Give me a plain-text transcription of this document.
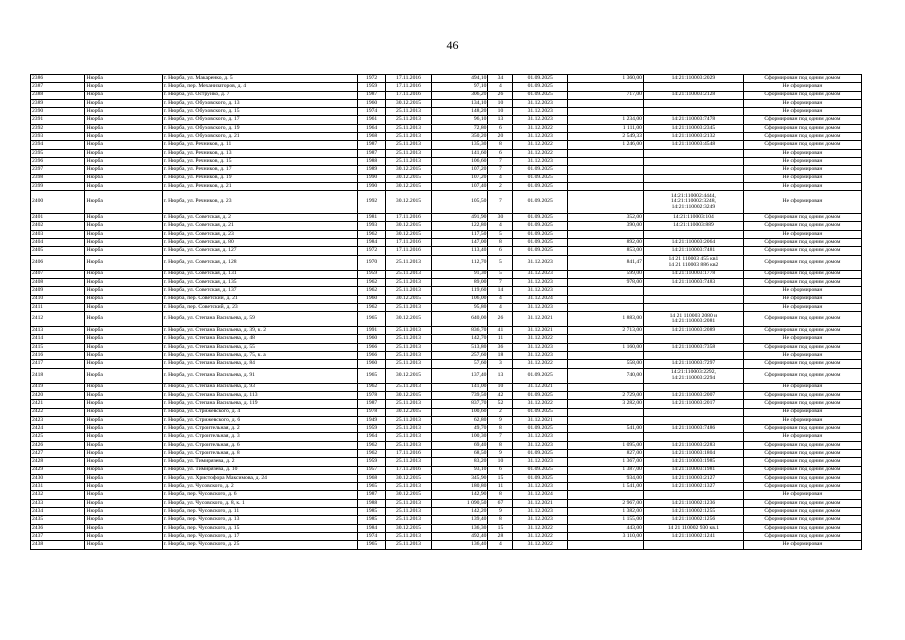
46
2386	Нюрба	г. Нюрба, ул. Макаренко, д. 5	1972	17.11.2016	494,10	34	01.09.2025	1 360,00	14:21:110003:2029	Сформирован под одним домом
2387	Нюрба	г. Нюрба, пер. Механизаторов, д. 4	1959	17.11.2016	97,10	4	01.09.2025			Не сформирован
2388	Нюрба	г. Нюрба, ул. Оструйко, д. 7	1987	17.11.2016	306,20	26	01.09.2025	717,00	14:21:110003:2128	Сформирован под одним домом
2389	Нюрба	г. Нюрба, ул. Обуховского, д. 13	1960	30.12.2015	134,10	10	31.12.2023			Не сформирован
2390	Нюрба	г. Нюрба, ул. Обуховского, д. 15	1974	25.11.2013	148,20	10	31.12.2023			Не сформирован
2391	Нюрба	г. Нюрба, ул. Обуховского, д. 17	1961	25.11.2013	96,10	13	31.12.2023	1 234,00	14:21:110003:7478	Сформирован под одним домом
2392	Нюрба	г. Нюрба, ул. Обуховского, д. 19	1964	25.11.2013	72,80	6	31.12.2022	1 111,00	14:21:110003:2345	Сформирован под одним домом
2393	Нюрба	г. Нюрба, ул. Обуховского, д. 21	1968	25.11.2013	350,20	20	31.12.2023	2 549,33	14:21:110003:2132	Сформирован под одним домом
2394	Нюрба	г. Нюрба, ул. Речников, д. 11	1987	25.11.2013	135,30	8	31.12.2022	1 246,00	14:21:110003:4548	Сформирован под одним домом
2395	Нюрба	г. Нюрба, ул. Речников, д. 13	1987	25.11.2013	141,60	6	31.12.2022			Не сформирован
2396	Нюрба	г. Нюрба, ул. Речников, д. 15	1988	25.11.2013	106,60	7	31.12.2023			Не сформирован
2397	Нюрба	г. Нюрба, ул. Речников, д. 17	1989	30.12.2015	107,20	7	01.09.2025			Не сформирован
2398	Нюрба	г. Нюрба, ул. Речников, д. 19	1990	30.12.2015	107,20	4	01.09.2025			Не сформирован
2399	Нюрба	г. Нюрба, ул. Речников, д. 21	1990	30.12.2015	107,40	2	01.09.2025			Не сформирован
2400	Нюрба	г. Нюрба, ул. Речников, д. 23	1992	30.12.2015	105,50	7	01.09.2025		14:21:110002:4444,
14:21:110002:3248,
14:21:110002:3249	Не сформирован
2401	Нюрба	г. Нюрба, ул. Советская, д. 2	1981	17.11.2016	491,90	30	01.09.2025	352,00	14:21:110003:104	Сформирован под одним домом
2402	Нюрба	г. Нюрба, ул. Советская, д. 21	1993	30.12.2015	122,80	4	01.09.2025	390,00	14:21:110003:889	Сформирован под одним домом
2403	Нюрба	г. Нюрба, ул. Советская, д. 23	1962	30.12.2015	117,50	5	01.09.2025			Не сформирован
2404	Нюрба	г. Нюрба, ул. Советская, д. 80	1984	17.11.2016	147,00	8	01.09.2025	892,00	14:21:110003:2064	Сформирован под одним домом
2405	Нюрба	г. Нюрба, ул. Советская, д. 127	1972	17.11.2016	113,40	6	01.09.2025	853,00	14:21:110003:7481	Сформирован под одним домом
2406	Нюрба	г. Нюрба, ул. Советская, д. 128	1970	25.11.2013	112,70	5	31.12.2023	841,47	14 21 110003 455 кв1
14 21 110003 886 кв2	Сформирован под одним домом
2407	Нюрба	г. Нюрба, ул. Советская, д. 131	1959	25.11.2013	91,30	5	31.12.2023	599,00	14:21:110003:1778	Сформирован под одним домом
2408	Нюрба	г. Нюрба, ул. Советская, д. 135	1962	25.11.2013	89,00	7	31.12.2023	978,00	14:21:110003:7483	Сформирован под одним домом
2409	Нюрба	г. Нюрба, ул. Советская, д. 137	1962	25.11.2013	119,60	14	31.12.2023			Не сформирован
2410	Нюрба	г. Нюрба, пер. Советский, д. 21	1960	30.12.2015	106,00	4	31.12.2024			Не сформирован
2411	Нюрба	г. Нюрба, пер. Советский, д. 23	1962	25.11.2013	95,80	4	31.12.2023			Не сформирован
2412	Нюрба	г. Нюрба, ул. Степана Васильева, д. 59	1965	30.12.2015	640,00	26	31.12.2021	1 883,00	14 21 110003 2080 и
14:21:110003:2081	Сформирован под одним домом
2413	Нюрба	г. Нюрба, ул. Степана Васильева, д. 39, к. 2	1991	25.11.2013	836,70	41	31.12.2021	2 713,00	14:21:110003:2089	Сформирован под одним домом
2414	Нюрба	г. Нюрба, ул. Степана Васильева, д. 48	1960	25.11.2013	142,70	11	31.12.2022			Не сформирован
2415	Нюрба	г. Нюрба, ул. Степана Васильева, д. 55	1966	25.11.2013	513,80	36	31.12.2023	1 160,00	14:21:110003:7358	Сформирован под одним домом
2416	Нюрба	г. Нюрба, ул. Степана Васильева, д. 75, к. а	1966	25.11.2013	257,60	18	31.12.2023			Не сформирован
2417	Нюрба	г. Нюрба, ул. Степана Васильева, д. 84	1960	25.11.2013	57,60	3	31.12.2022	558,00	14:21:110003:7297	Сформирован под одним домом
2418	Нюрба	г. Нюрба, ул. Степана Васильева, д. 91	1965	30.12.2015	137,40	13	01.09.2025	740,00	14:21:110003:2292,
14:21:110003:2294	Сформирован под одним домом
2419	Нюрба	г. Нюрба, ул. Степана Васильева, д. 93	1962	25.11.2013	141,00	10	31.12.2021			Не сформирован
2420	Нюрба	г. Нюрба, ул. Степана Васильева, д. 113	1978	30.12.2015	739,50	42	01.09.2025	2 729,00	14:21:110003:2007	Сформирован под одним домом
2421	Нюрба	г. Нюрба, ул. Степана Васильева, д. 119	1987	25.11.2013	837,70	52	31.12.2022	3 282,00	14:21:110003:2017	Сформирован под одним домом
2422	Нюрба	г. Нюрба, ул. Стрижевского, д. 4	1978	30.12.2015	100,60	2	01.09.2025			Не сформирован
2423	Нюрба	г. Нюрба, ул. Стрижевского, д. 6	1949	25.11.2013	62,80	9	31.12.2021			Не сформирован
2424	Нюрба	г. Нюрба, ул. Строительная, д. 2	1959	25.11.2013	49,70	8	01.09.2025	541,00	14:21:110003:7486	Сформирован под одним домом
2425	Нюрба	г. Нюрба, ул. Строительная, д. 3	1964	25.11.2013	100,30	7	31.12.2023			Не сформирован
2426	Нюрба	г. Нюрба, ул. Строительная, д. 6	1962	25.11.2013	69,40	8	31.12.2023	1 095,00	14:21:110003:2283	Сформирован под одним домом
2427	Нюрба	г. Нюрба, ул. Строительная, д. 8	1962	17.11.2016	68,50	9	01.09.2025	827,00	14:21:110003:1804	Сформирован под одним домом
2428	Нюрба	г. Нюрба, ул. Тимирязева, д. 2	1959	25.11.2013	83,20	10	31.12.2023	1 367,00	14:21:110003:1985	Сформирован под одним домом
2429	Нюрба	г. Нюрба, ул. Тимирязева, д. 10	1957	17.11.2016	93,10	6	01.09.2025	1 387,00	14:21:110003:1981	Сформирован под одним домом
2430	Нюрба	г. Нюрба, ул. Христофора Максимова, д. 24	1968	30.12.2015	345,90	15	01.09.2025	934,00	14:21:110003:2127	Сформирован под одним домом
2431	Нюрба	г. Нюрба, ул. Чусовского, д. 2	1965	25.11.2013	180,80	11	31.12.2023	1 541,00	14:21:110002:1327	Сформирован под одним домом
2432	Нюрба	г. Нюрба, пер. Чусовского, д. 6	1987	30.12.2015	142,90	8	31.12.2024			Не сформирован
2433	Нюрба	г. Нюрба, ул. Чусовского, д. 8, к. 1	1988	25.11.2013	1 090,50	67	31.12.2021	2 967,00	14:21:110002:1236	Сформирован под одним домом
2434	Нюрба	г. Нюрба, пер. Чусовского, д. 11	1985	25.11.2013	142,20	9	31.12.2023	1 382,00	14:21:110002:1255	Сформирован под одним домом
2435	Нюрба	г. Нюрба, пер. Чусовского, д. 13	1985	25.11.2013	139,40	8	31.12.2023	1 155,00	14:21:110002:1256	Сформирован под одним домом
2436	Нюрба	г. Нюрба, пер. Чусовского, д. 15	1984	30.12.2015	136,30	15	31.12.2022	443,00	14 21 110002 930 кв.1	Сформирован под одним домом
2437	Нюрба	г. Нюрба, пер. Чусовского, д. 17	1974	25.11.2013	492,40	28	31.12.2022	3 110,00	14:21:110002:1241	Сформирован под одним домом
2438	Нюрба	г. Нюрба, пер. Чусовского, д. 25	1965	25.11.2013	136,40	4	31.12.2022			Не сформирован
